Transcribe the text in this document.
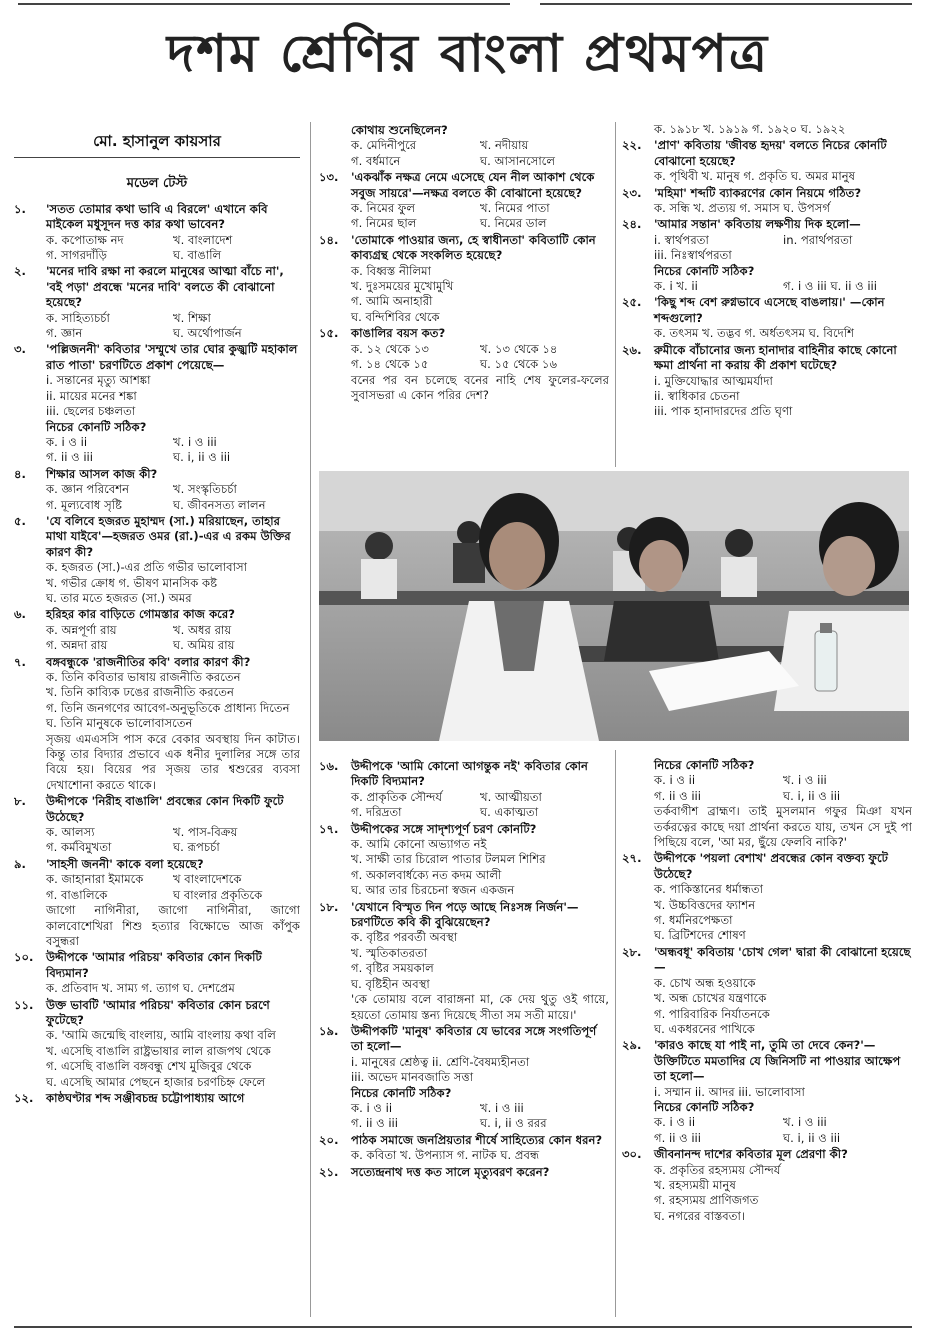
দশম শ্রেণির বাংলা প্রথমপত্র
মো. হাসানুল কায়সার
মডেল টেস্ট
১.	'সতত তোমার কথা ভাবি এ বিরলে' এখানে কবি মাইকেল মধুসূদন দত্ত কার কথা ভাবেন?
ক. কপোতাক্ষ নদ	খ. বাংলাদেশ
গ. সাগরদাঁড়ি	ঘ. বাঙালি
২.	'মনের দাবি রক্ষা না করলে মানুষের আত্মা বাঁচে না', 'বই পড়া' প্রবন্ধে 'মনের দাবি' বলতে কী বোঝানো হয়েছে?
ক. সাহিত্যচর্চা	খ. শিক্ষা
গ. জ্ঞান	ঘ. অর্থোপার্জন
৩.	'পল্লিজননী' কবিতার 'সম্মুখে তার ঘোর কুজ্ঝটি মহাকাল রাত পাতা' চরণটিতে প্রকাশ পেয়েছে—
i. সন্তানের মৃত্যু আশঙ্কা
ii. মায়ের মনের শঙ্কা
iii. ছেলের চঞ্চলতা
নিচের কোনটি সঠিক?
ক. i ও ii	খ. i ও iii
গ. ii ও iii	ঘ. i, ii ও iii
৪.	শিক্ষার আসল কাজ কী?
ক. জ্ঞান পরিবেশন	খ. সংস্কৃতিচর্চা
গ. মূল্যবোধ সৃষ্টি	ঘ. জীবনসত্য লালন
৫.	'যে বলিবে হজরত মুহাম্মদ (সা.) মরিয়াছেন, তাহার মাথা যাইবে'—হজরত ওমর (রা.)-এর এ রকম উক্তির কারণ কী?
ক. হজরত (সা.)-এর প্রতি গভীর ভালোবাসা
খ. গভীর ক্রোধ গ. ভীষণ মানসিক কষ্ট
ঘ. তার মতে হজরত (সা.) অমর
৬.	হরিহর কার বাড়িতে গোমস্তার কাজ করে?
ক. অন্নপূর্ণা রায়	খ. অধর রায়
গ. অন্নদা রায়	ঘ. অমিয় রায়
৭.	বঙ্গবন্ধুকে 'রাজনীতির কবি' বলার কারণ কী?
ক. তিনি কবিতার ভাষায় রাজনীতি করতেন
খ. তিনি কাব্যিক ঢঙের রাজনীতি করতেন
গ. তিনি জনগণের আবেগ-অনুভূতিকে প্রাধান্য দিতেন
ঘ. তিনি মানুষকে ভালোবাসতেন
সৃজয় এমএসসি পাস করে বেকার অবস্থায় দিন কাটাত। কিন্তু তার বিদ্যার প্রভাবে এক ধনীর দুলালির সঙ্গে তার বিয়ে হয়। বিয়ের পর সৃজয় তার শ্বশুরের ব্যবসা দেখাশোনা করতে থাকে।
৮.	উদ্দীপকে 'নিরীহ বাঙালি' প্রবন্ধের কোন দিকটি ফুটে উঠেছে?
ক. আলস্য	খ. পাস-বিক্রয়
গ. কর্মবিমুখতা	ঘ. রূপচর্চা
৯.	'সাহসী জননী' কাকে বলা হয়েছে?
ক. জাহানারা ইমামকে	খ বাংলাদেশকে
গ. বাঙালিকে	ঘ বাংলার প্রকৃতিকে
জাগো নাগিনীরা, জাগো নাগিনীরা, জাগো কালবোশেখিরা শিশু হত্যার বিক্ষোভে আজ কাঁপুক বসুন্ধরা
১০.	উদ্দীপকে 'আমার পরিচয়' কবিতার কোন দিকটি বিদ্যমান?
ক. প্রতিবাদ খ. সাম্য গ. ত্যাগ ঘ. দেশপ্রেম
১১.	উক্ত ভাবটি 'আমার পরিচয়' কবিতার কোন চরণে ফুটেছে?
ক. 'আমি জন্মেছি বাংলায়, আমি বাংলায় কথা বলি
খ. এসেছি বাঙালি রাষ্ট্রভাষার লাল রাজপথ থেকে
গ. এসেছি বাঙালি বঙ্গবন্ধু শেখ মুজিবুর থেকে
ঘ. এসেছি আমার পেছনে হাজার চরণচিহ্ন ফেলে
১২.	কাষ্ঠঘণ্টার শব্দ সঞ্জীবচন্দ্র চট্টোপাধ্যায় আগে
কোথায় শুনেছিলেন?
ক. মেদিনীপুরে	খ. নদীয়ায়
গ. বর্ধমানে	ঘ. আসানসোলে
১৩.	'একঝাঁক নক্ষত্র নেমে এসেছে যেন নীল আকাশ থেকে সবুজ সায়রে'—নক্ষত্র বলতে কী বোঝানো হয়েছে?
ক. নিমের ফুল	খ. নিমের পাতা
গ. নিমের ছাল	ঘ. নিমের ডাল
১৪.	'তোমাকে পাওয়ার জন্য, হে স্বাধীনতা' কবিতাটি কোন কাব্যগ্রন্থ থেকে সংকলিত হয়েছে?
ক. বিধ্বস্ত নীলিমা
খ. দুঃসময়ের মুখোমুখি
গ. আমি অনাহারী
ঘ. বন্দিশিবির থেকে
১৫.	কাঙালির বয়স কত?
ক. ১২ থেকে ১৩	খ. ১৩ থেকে ১৪
গ. ১৪ থেকে ১৫	ঘ. ১৫ থেকে ১৬
বনের পর বন চলেছে বনের নাহি শেষ ফুলের-ফলের সুবাসভরা এ কোন পরির দেশ?
ক. ১৯১৮ খ. ১৯১৯ গ. ১৯২০ ঘ. ১৯২২
২২.	'প্রাণ' কবিতায় 'জীবন্ত হৃদয়' বলতে নিচের কোনটি বোঝানো হয়েছে?
ক. পৃথিবী খ. মানুষ গ. প্রকৃতি ঘ. অমর মানুষ
২৩.	'মহিমা' শব্দটি ব্যাকরণের কোন নিয়মে গঠিত?
ক. সন্ধি খ. প্রত্যয় গ. সমাস ঘ. উপসর্গ
২৪.	'আমার সন্তান' কবিতায় লক্ষণীয় দিক হলো—
i. স্বার্থপরতা	in. পরার্থপরতা
iii. নিঃস্বার্থপরতা
নিচের কোনটি সঠিক?
ক. i খ. ii	গ. i ও iii ঘ. ii ও iii
২৫.	'কিছু শব্দ বেশ রুগ্নভাবে এসেছে বাঙলায়।' —কোন শব্দগুলো?
ক. তৎসম খ. তদ্ভব গ. অর্ধতৎসম ঘ. বিদেশি
২৬.	রুমীকে বাঁচানোর জন্য হানাদার বাহিনীর কাছে কোনো ক্ষমা প্রার্থনা না করায় কী প্রকাশ ঘটেছে?
i. মুক্তিযোদ্ধার আত্মমর্যাদা
ii. স্বাধিকার চেতনা
iii. পাক হানাদারদের প্রতি ঘৃণা
১৬.	উদ্দীপকে 'আমি কোনো আগন্তুক নই' কবিতার কোন দিকটি বিদ্যমান?
ক. প্রাকৃতিক সৌন্দর্য	খ. আত্মীয়তা
গ. দরিদ্রতা	ঘ. একাত্মতা
১৭.	উদ্দীপকের সঙ্গে সাদৃশ্যপূর্ণ চরণ কোনটি?
ক. আমি কোনো অভ্যাগত নই
খ. সাক্ষী তার চিরোল পাতার টলমল শিশির
গ. অকালবার্ধক্যে নত কদম আলী
ঘ. আর তার চিরচেনা স্বজন একজন
১৮.	'যেখানে বিস্মৃত দিন পড়ে আছে নিঃসঙ্গ নির্জন'—চরণটিতে কবি কী বুঝিয়েছেন?
ক. বৃষ্টির পরবর্তী অবস্থা
খ. স্মৃতিকাতরতা
গ. বৃষ্টির সময়কাল
ঘ. বৃষ্টিহীন অবস্থা
'কে তোমায় বলে বারাঙ্গনা মা, কে দেয় থুতু ওই গায়ে, হয়তো তোমায় স্তন্য দিয়েছে সীতা সম সতী মায়ে।'
১৯.	উদ্দীপকটি 'মানুষ' কবিতার যে ভাবের সঙ্গে সংগতিপূর্ণ তা হলো—
i. মানুষের শ্রেষ্ঠত্ব ii. শ্রেণি-বৈষম্যহীনতা
iii. অভেদ মানবজাতি সত্তা
নিচের কোনটি সঠিক?
ক. i ও ii	খ. i ও iii
গ. ii ও iii	ঘ. i, ii ও ররর
২০.	পাঠক সমাজে জনপ্রিয়তার শীর্ষে সাহিত্যের কোন ধরন?
ক. কবিতা খ. উপন্যাস গ. নাটক ঘ. প্রবন্ধ
২১.	সত্যেন্দ্রনাথ দত্ত কত সালে মৃত্যুবরণ করেন?
নিচের কোনটি সঠিক?
ক. i ও ii	খ. i ও iii
গ. ii ও iii	ঘ. i, ii ও iii
তর্কবাগীশ ব্রাহ্মণ। তাই মুসলমান গফুর মিঞা যখন তর্করত্নের কাছে দয়া প্রার্থনা করতে যায়, তখন সে দুই পা পিছিয়ে বলে, 'আ মর, ছুঁয়ে ফেলবি নাকি?'
২৭.	উদ্দীপকে 'পয়লা বেশাখ' প্রবন্ধের কোন বক্তব্য ফুটে উঠেছে?
ক. পাকিস্তানের ধর্মান্ধতা
খ. উচ্চবিত্তদের ফ্যাশন
গ. ধর্মনিরপেক্ষতা
ঘ. ব্রিটিশদের শোষণ
২৮.	'অন্ধবধূ' কবিতায় 'চোখ গেল' দ্বারা কী বোঝানো হয়েছে—
ক. চোখ অন্ধ হওয়াকে
খ. অন্ধ চোখের যন্ত্রণাকে
গ. পারিবারিক নির্যাতনকে
ঘ. একধরনের পাখিকে
২৯.	'কারও কাছে যা পাই না, তুমি তা দেবে কেন?'—উক্তিটিতে মমতাদির যে জিনিসটি না পাওয়ার আক্ষেপ তা হলো—
i. সম্মান ii. আদর iii. ভালোবাসা
নিচের কোনটি সঠিক?
ক. i ও ii	খ. i ও iii
গ. ii ও iii	ঘ. i, ii ও iii
৩০.	জীবনানন্দ দাশের কবিতার মূল প্রেরণা কী?
ক. প্রকৃতির রহস্যময় সৌন্দর্য
খ. রহস্যময়ী মানুষ
গ. রহস্যময় প্রাণিজগত
ঘ. নগরের বাস্তবতা।
